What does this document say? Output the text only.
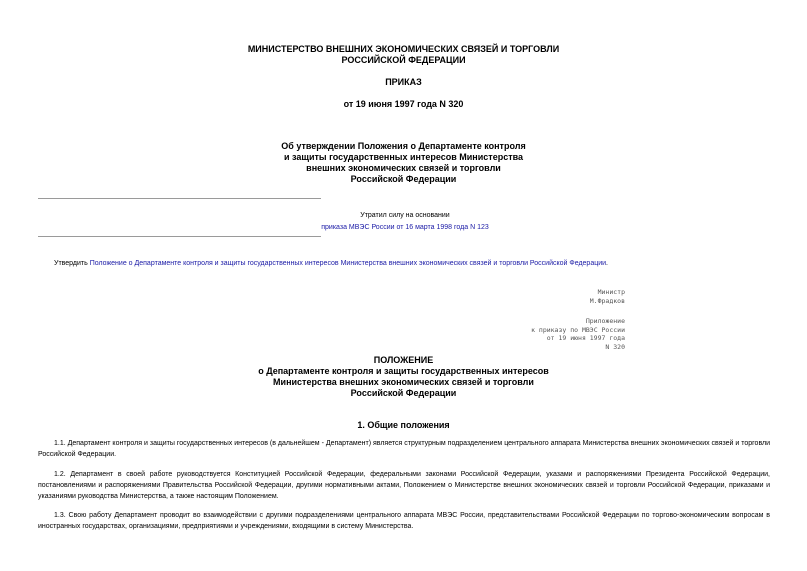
МИНИСТЕРСТВО ВНЕШНИХ ЭКОНОМИЧЕСКИХ СВЯЗЕЙ И ТОРГОВЛИ
РОССИЙСКОЙ ФЕДЕРАЦИИ
ПРИКАЗ
от 19 июня 1997 года N 320
Об утверждении Положения о Департаменте контроля
и защиты государственных интересов Министерства
внешних экономических связей и торговли
Российской Федерации
Утратил силу на основании
приказа МВЭС России от 16 марта 1998 года N 123
Утвердить Положение о Департаменте контроля и защиты государственных интересов Министерства внешних экономических связей и торговли Российской Федерации.
Министр
М.Фрадков
Приложение
к приказу по МВЭС России
от 19 июня 1997 года
N 320
ПОЛОЖЕНИЕ
о Департаменте контроля и защиты государственных интересов
Министерства внешних экономических связей и торговли
Российской Федерации
1. Общие положения
1.1. Департамент контроля и защиты государственных интересов (в дальнейшем - Департамент) является структурным подразделением центрального аппарата Министерства внешних экономических связей и торговли Российской Федерации.
1.2. Департамент в своей работе руководствуется Конституцией Российской Федерации, федеральными законами Российской Федерации, указами и распоряжениями Президента Российской Федерации, постановлениями и распоряжениями Правительства Российской Федерации, другими нормативными актами, Положением о Министерстве внешних экономических связей и торговли Российской Федерации, приказами и указаниями руководства Министерства, а также настоящим Положением.
1.3. Свою работу Департамент проводит во взаимодействии с другими подразделениями центрального аппарата МВЭС России, представительствами Российской Федерации по торгово-экономическим вопросам в иностранных государствах, организациями, предприятиями и учреждениями, входящими в систему Министерства.
